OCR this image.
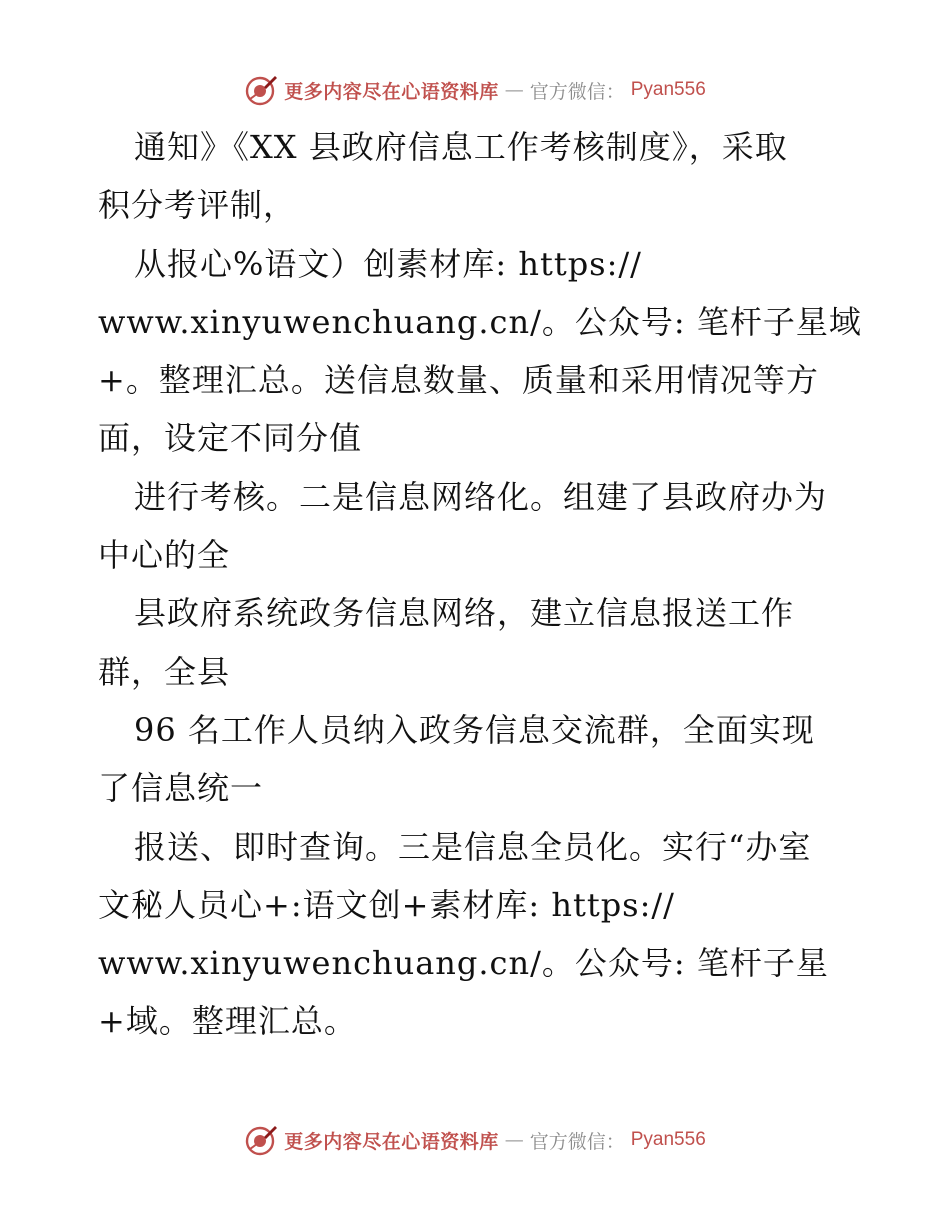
更多内容尽在心语资料库 — 官方微信： Pyan556
通知》《XX 县政府信息工作考核制度》，采取
积分考评制，
从报心%语文）创素材库: https://
www.xinyuwenchuang.cn/。公众号: 笔杆子星域
+。整理汇总。送信息数量、质量和采用情况等方
面，设定不同分值
进行考核。二是信息网络化。组建了县政府办为
中心的全
县政府系统政务信息网络，建立信息报送工作
群，全县
96 名工作人员纳入政务信息交流群，全面实现
了信息统一
报送、即时查询。三是信息全员化。实行“办室
文秘人员心+:语文创+素材库: https://
www.xinyuwenchuang.cn/。公众号: 笔杆子星
+域。整理汇总。
更多内容尽在心语资料库 — 官方微信： Pyan556
